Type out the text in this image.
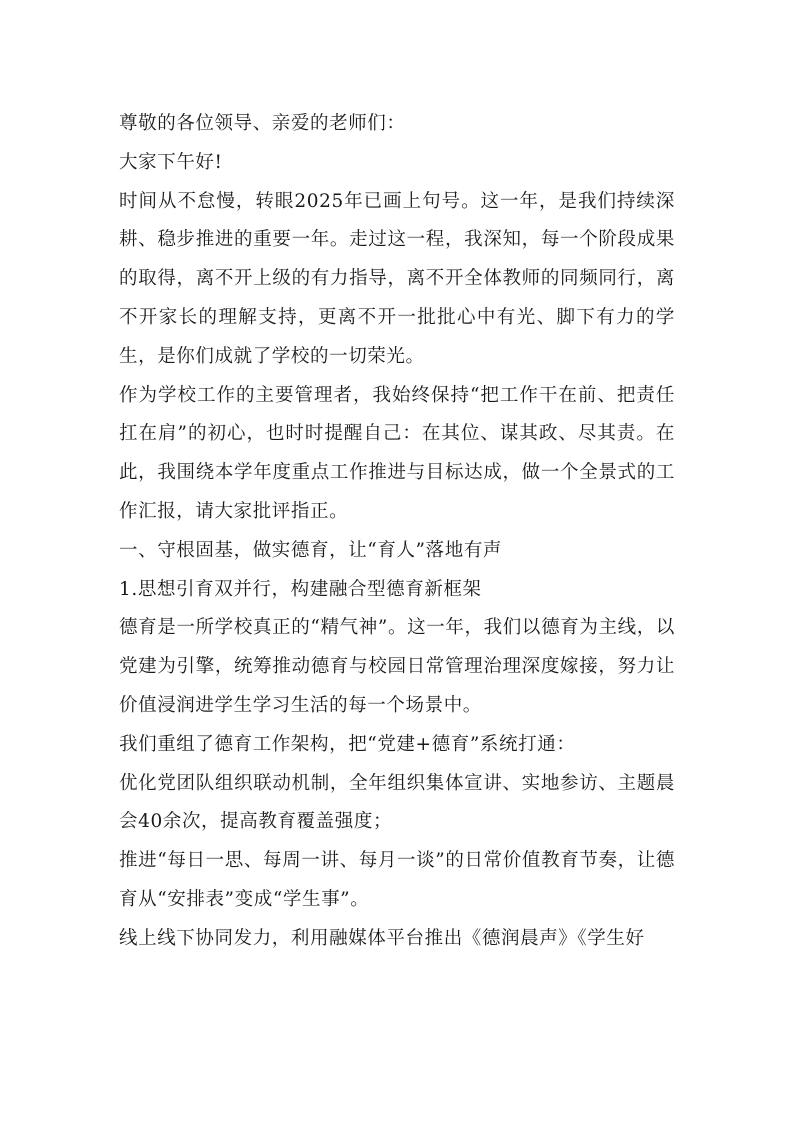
尊敬的各位领导、亲爱的老师们：

大家下午好!

时间从不怠慢，转眼2025年已画上句号。这一年，是我们持续深耕、稳步推进的重要一年。走过这一程，我深知，每一个阶段成果的取得，离不开上级的有力指导，离不开全体教师的同频同行，离不开家长的理解支持，更离不开一批批心中有光、脚下有力的学生，是你们成就了学校的一切荣光。

作为学校工作的主要管理者，我始终保持“把工作干在前、把责任扛在肩”的初心，也时时提醒自己：在其位、谋其政、尽其责。在此，我围绕本学年度重点工作推进与目标达成，做一个全景式的工作汇报，请大家批评指正。

一、守根固基，做实德育，让“育人”落地有声

1.思想引育双并行，构建融合型德育新框架

德育是一所学校真正的“精气神”。这一年，我们以德育为主线，以党建为引擎，统筹推动德育与校园日常管理治理深度嫁接，努力让价值浸润进学生学习生活的每一个场景中。

我们重组了德育工作架构，把“党建+德育”系统打通：

优化党团队组织联动机制，全年组织集体宣讲、实地参访、主题晨会40余次，提高教育覆盖强度；

推进“每日一思、每周一讲、每月一谈”的日常价值教育节奏，让德育从“安排表”变成“学生事”。

线上线下协同发力，利用融媒体平台推出《德润晨声》《学生好
